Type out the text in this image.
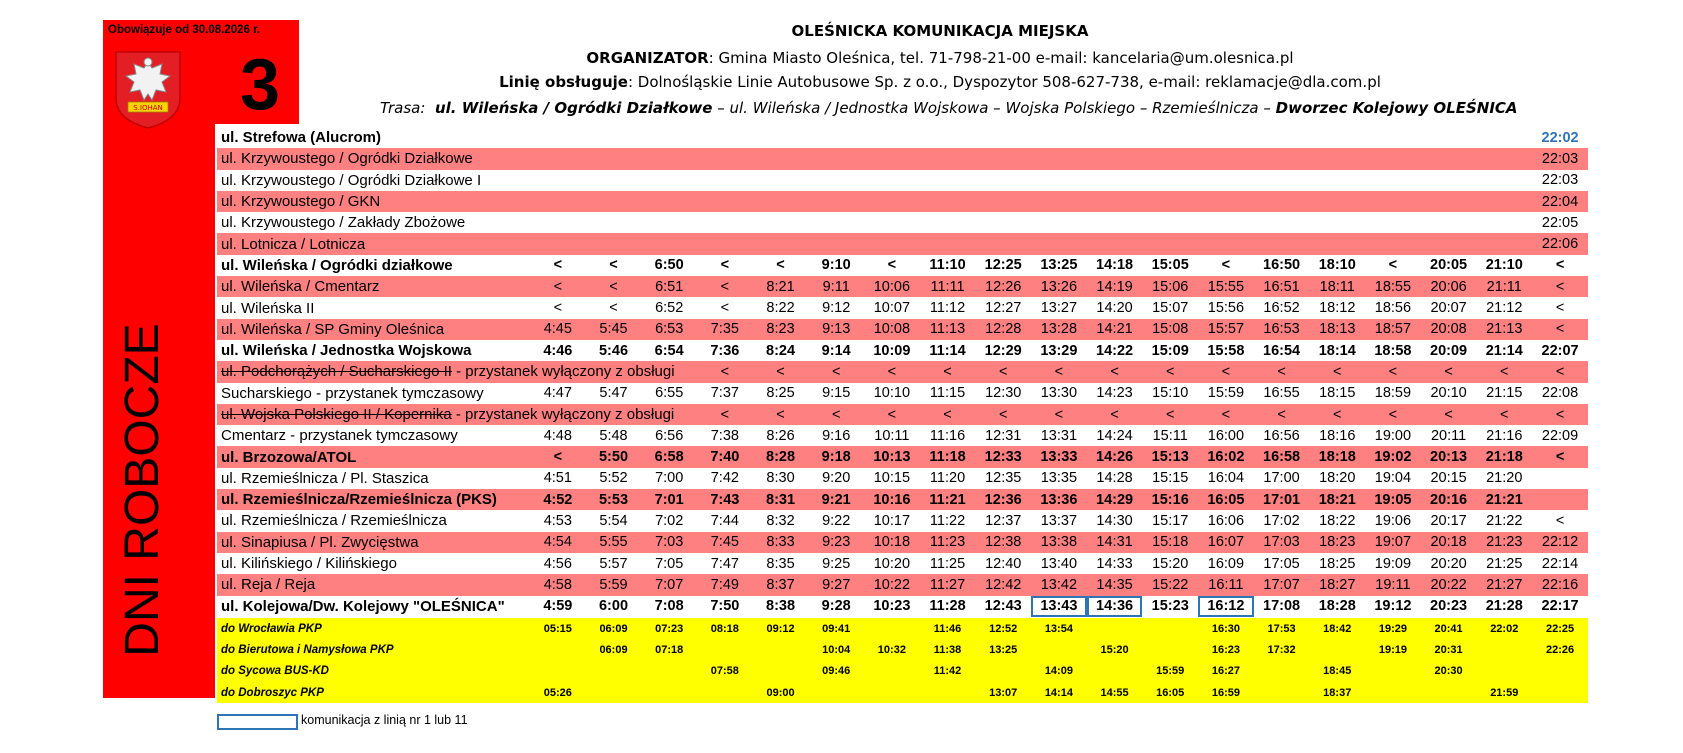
Obowiązuje od 30.08.2026 r.
S.IOHAN 3
DNI ROBOCZE
OLEŚNICKA KOMUNIKACJA MIEJSKA
ORGANIZATOR: Gmina Miasto Oleśnica, tel. 71-798-21-00 e-mail: kancelaria@um.olesnica.pl
Linię obsługuje: Dolnośląskie Linie Autobusowe Sp. z o.o., Dyspozytor 508-627-738, e-mail: reklamacje@dla.com.pl
Trasa: ul. Wileńska / Ogródki Działkowe – ul. Wileńska / Jednostka Wojskowa – Wojska Polskiego – Rzemieślnicza – Dworzec Kolejowy OLEŚNICA
ul. Strefowa (Alucrom)																			22:02
ul. Krzywoustego / Ogródki Działkowe																			22:03
ul. Krzywoustego / Ogródki Działkowe I																			22:03
ul. Krzywoustego / GKN																			22:04
ul. Krzywoustego / Zakłady Zbożowe																			22:05
ul. Lotnicza / Lotnicza																			22:06
ul. Wileńska / Ogródki działkowe	<	<	6:50	<	<	9:10	<	11:10	12:25	13:25	14:18	15:05	<	16:50	18:10	<	20:05	21:10	<
ul. Wileńska / Cmentarz	<	<	6:51	<	8:21	9:11	10:06	11:11	12:26	13:26	14:19	15:06	15:55	16:51	18:11	18:55	20:06	21:11	<
ul. Wileńska II	<	<	6:52	<	8:22	9:12	10:07	11:12	12:27	13:27	14:20	15:07	15:56	16:52	18:12	18:56	20:07	21:12	<
ul. Wileńska / SP Gminy Oleśnica	4:45	5:45	6:53	7:35	8:23	9:13	10:08	11:13	12:28	13:28	14:21	15:08	15:57	16:53	18:13	18:57	20:08	21:13	<
ul. Wileńska / Jednostka Wojskowa	4:46	5:46	6:54	7:36	8:24	9:14	10:09	11:14	12:29	13:29	14:22	15:09	15:58	16:54	18:14	18:58	20:09	21:14	22:07
ul. Podchorążych / Sucharskiego II - przystanek wyłączony z obsługi				<	<	<	<	<	<	<	<	<	<	<	<	<	<	<	<
Sucharskiego - przystanek tymczasowy	4:47	5:47	6:55	7:37	8:25	9:15	10:10	11:15	12:30	13:30	14:23	15:10	15:59	16:55	18:15	18:59	20:10	21:15	22:08
ul. Wojska Polskiego II / Kopernika - przystanek wyłączony z obsługi				<	<	<	<	<	<	<	<	<	<	<	<	<	<	<	<
Cmentarz - przystanek tymczasowy	4:48	5:48	6:56	7:38	8:26	9:16	10:11	11:16	12:31	13:31	14:24	15:11	16:00	16:56	18:16	19:00	20:11	21:16	22:09
ul. Brzozowa/ATOL	<	5:50	6:58	7:40	8:28	9:18	10:13	11:18	12:33	13:33	14:26	15:13	16:02	16:58	18:18	19:02	20:13	21:18	<
ul. Rzemieślnicza / Pl. Staszica	4:51	5:52	7:00	7:42	8:30	9:20	10:15	11:20	12:35	13:35	14:28	15:15	16:04	17:00	18:20	19:04	20:15	21:20	
ul. Rzemieślnicza/Rzemieślnicza (PKS)	4:52	5:53	7:01	7:43	8:31	9:21	10:16	11:21	12:36	13:36	14:29	15:16	16:05	17:01	18:21	19:05	20:16	21:21	
ul. Rzemieślnicza / Rzemieślnicza	4:53	5:54	7:02	7:44	8:32	9:22	10:17	11:22	12:37	13:37	14:30	15:17	16:06	17:02	18:22	19:06	20:17	21:22	<
ul. Sinapiusa / Pl. Zwycięstwa	4:54	5:55	7:03	7:45	8:33	9:23	10:18	11:23	12:38	13:38	14:31	15:18	16:07	17:03	18:23	19:07	20:18	21:23	22:12
ul. Kilińskiego / Kilińskiego	4:56	5:57	7:05	7:47	8:35	9:25	10:20	11:25	12:40	13:40	14:33	15:20	16:09	17:05	18:25	19:09	20:20	21:25	22:14
ul. Reja / Reja	4:58	5:59	7:07	7:49	8:37	9:27	10:22	11:27	12:42	13:42	14:35	15:22	16:11	17:07	18:27	19:11	20:22	21:27	22:16
ul. Kolejowa/Dw. Kolejowy "OLEŚNICA"	4:59	6:00	7:08	7:50	8:38	9:28	10:23	11:28	12:43	13:43	14:36	15:23	16:12	17:08	18:28	19:12	20:23	21:28	22:17
do Wrocławia PKP	05:15	06:09	07:23	08:18	09:12	09:41		11:46	12:52	13:54			16:30	17:53	18:42	19:29	20:41	22:02	22:25
do Bierutowa i Namysłowa PKP		06:09	07:18			10:04	10:32	11:38	13:25		15:20		16:23	17:32		19:19	20:31		22:26
do Sycowa BUS-KD				07:58		09:46		11:42		14:09		15:59	16:27		18:45		20:30		
do Dobroszyc PKP	05:26				09:00				13:07	14:14	14:55	16:05	16:59		18:37			21:59	
komunikacja z linią nr 1 lub 11
